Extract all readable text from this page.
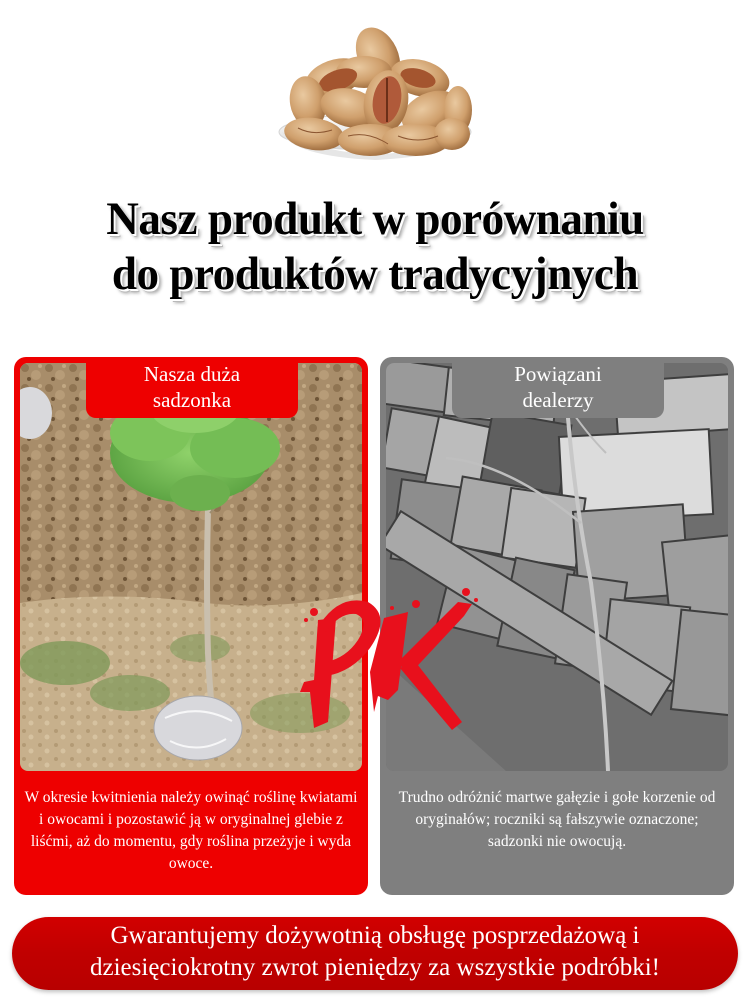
Nasz produkt w porównaniu
do produktów tradycyjnych
Nasza duża
sadzonka

W okresie kwitnienia należy owinąć roślinę kwiatami i owocami i pozostawić ją w oryginalnej glebie z liśćmi, aż do momentu, gdy roślina przeżyje i wyda owoce.

Powiązani
dealerzy

Trudno odróżnić martwe gałęzie i gołe korzenie od oryginałów; roczniki są fałszywie oznaczone; sadzonki nie owocują.

Gwarantujemy dożywotnią obsługę posprzedażową i
dziesięciokrotny zwrot pieniędzy za wszystkie podróbki!
